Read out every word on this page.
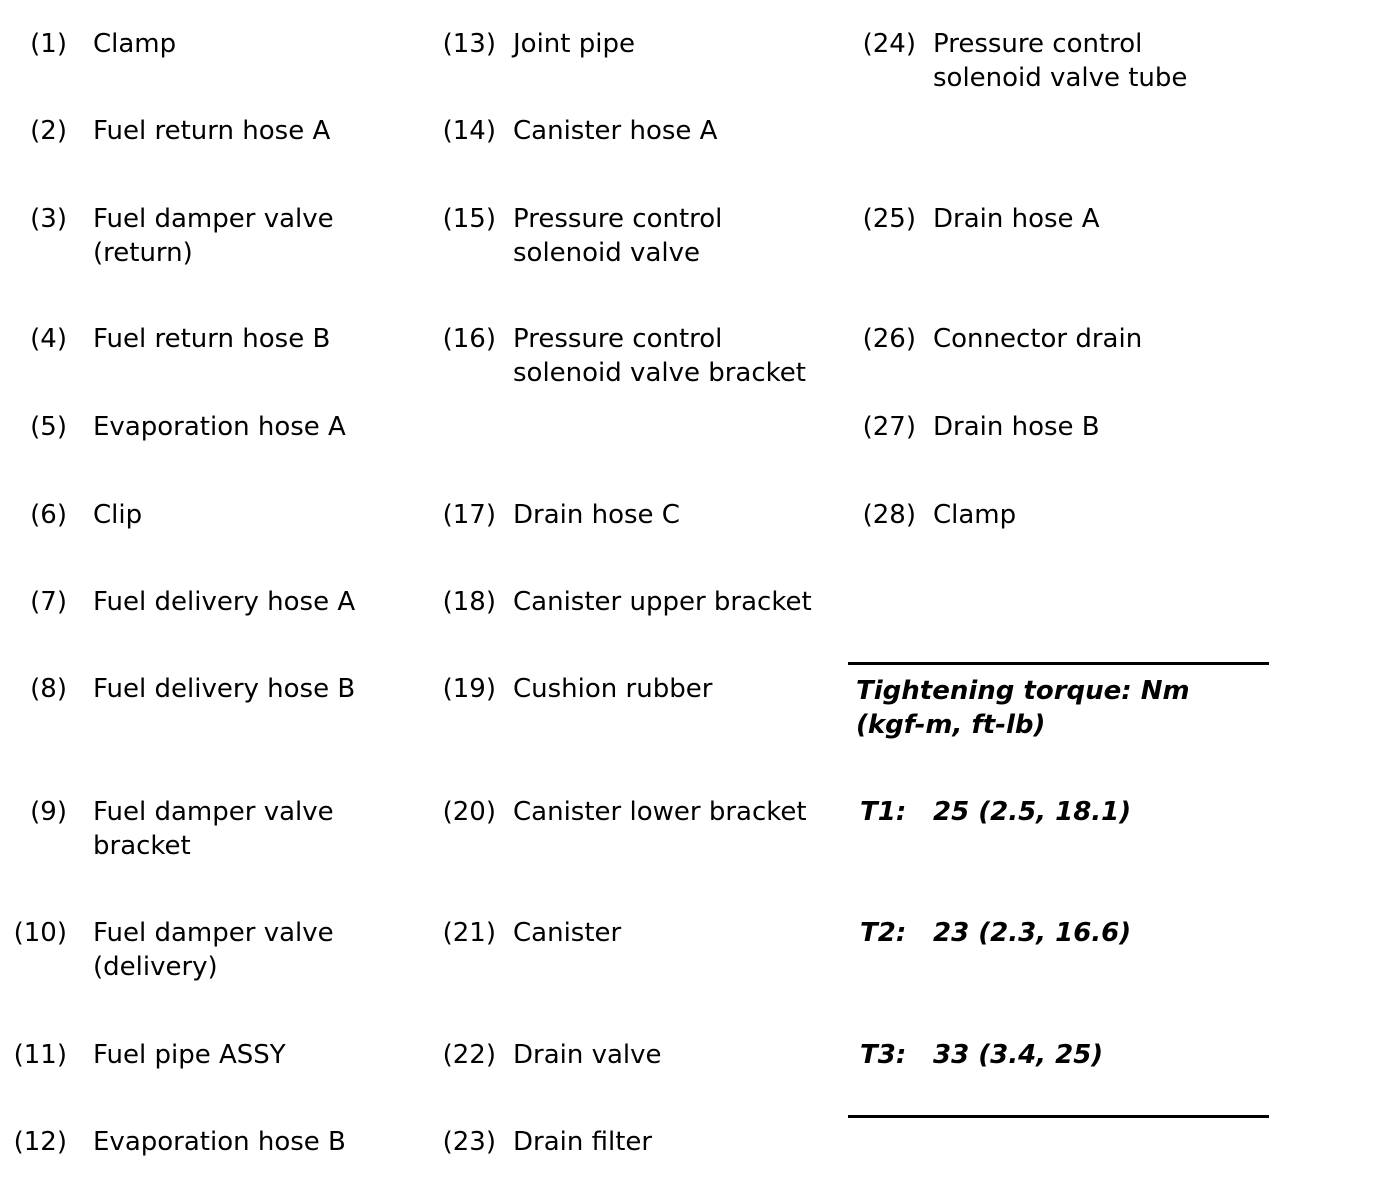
(1) Clamp
(2) Fuel return hose A
(3) Fuel damper valve
(return)
(4) Fuel return hose B
(5) Evaporation hose A
(6) Clip
(7) Fuel delivery hose A
(8) Fuel delivery hose B
(9) Fuel damper valve
bracket
(10) Fuel damper valve
(delivery)
(11) Fuel pipe ASSY
(12) Evaporation hose B
(13) Joint pipe
(14) Canister hose A
(15) Pressure control
solenoid valve
(16) Pressure control
solenoid valve bracket
(17) Drain hose C
(18) Canister upper bracket
(19) Cushion rubber
(20) Canister lower bracket
(21) Canister
(22) Drain valve
(23) Drain filter
(24) Pressure control
solenoid valve tube
(25) Drain hose A
(26) Connector drain
(27) Drain hose B
(28) Clamp
Tightening torque: Nm
(kgf-m, ft-lb)
T1: 25 (2.5, 18.1)
T2: 23 (2.3, 16.6)
T3: 33 (3.4, 25)
